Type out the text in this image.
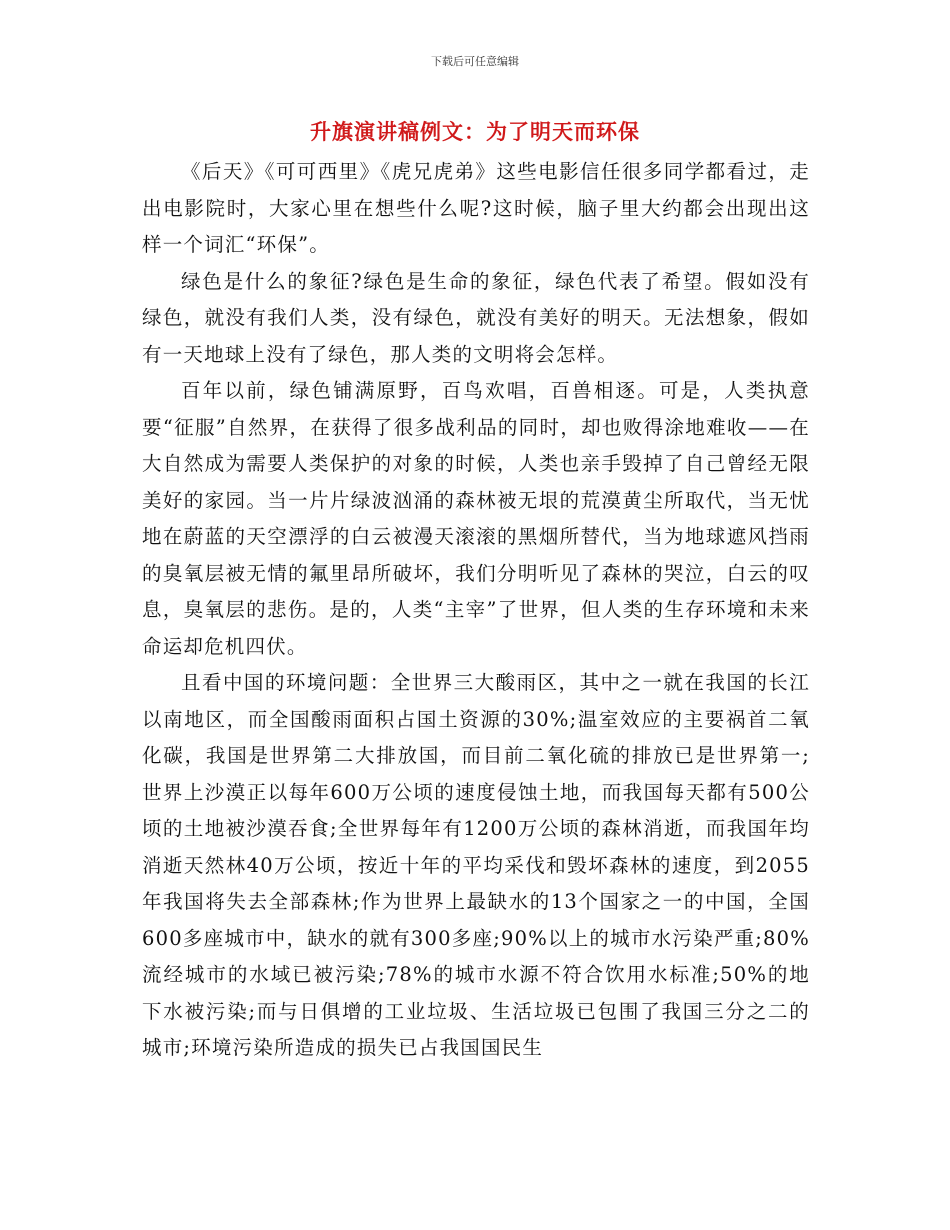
下载后可任意编辑
升旗演讲稿例文：为了明天而环保

《后天》《可可西里》《虎兄虎弟》这些电影信任很多同学都看过，走出电影院时，大家心里在想些什么呢?这时候，脑子里大约都会出现出这样一个词汇“环保”。

绿色是什么的象征?绿色是生命的象征，绿色代表了希望。假如没有绿色，就没有我们人类，没有绿色，就没有美好的明天。无法想象，假如有一天地球上没有了绿色，那人类的文明将会怎样。

百年以前，绿色铺满原野，百鸟欢唱，百兽相逐。可是，人类执意要“征服”自然界，在获得了很多战利品的同时，却也败得涂地难收——在大自然成为需要人类保护的对象的时候，人类也亲手毁掉了自己曾经无限美好的家园。当一片片绿波汹涌的森林被无垠的荒漠黄尘所取代，当无忧地在蔚蓝的天空漂浮的白云被漫天滚滚的黑烟所替代，当为地球遮风挡雨的臭氧层被无情的氟里昂所破坏，我们分明听见了森林的哭泣，白云的叹息，臭氧层的悲伤。是的，人类“主宰”了世界，但人类的生存环境和未来命运却危机四伏。

且看中国的环境问题：全世界三大酸雨区，其中之一就在我国的长江以南地区，而全国酸雨面积占国土资源的30%;温室效应的主要祸首二氧化碳，我国是世界第二大排放国，而目前二氧化硫的排放已是世界第一;世界上沙漠正以每年600万公顷的速度侵蚀土地，而我国每天都有500公顷的土地被沙漠吞食;全世界每年有1200万公顷的森林消逝，而我国年均消逝天然林40万公顷，按近十年的平均采伐和毁坏森林的速度，到2055年我国将失去全部森林;作为世界上最缺水的13个国家之一的中国，全国600多座城市中，缺水的就有300多座;90%以上的城市水污染严重;80%流经城市的水域已被污染;78%的城市水源不符合饮用水标准;50%的地下水被污染;而与日俱增的工业垃圾、生活垃圾已包围了我国三分之二的城市;环境污染所造成的损失已占我国国民生
